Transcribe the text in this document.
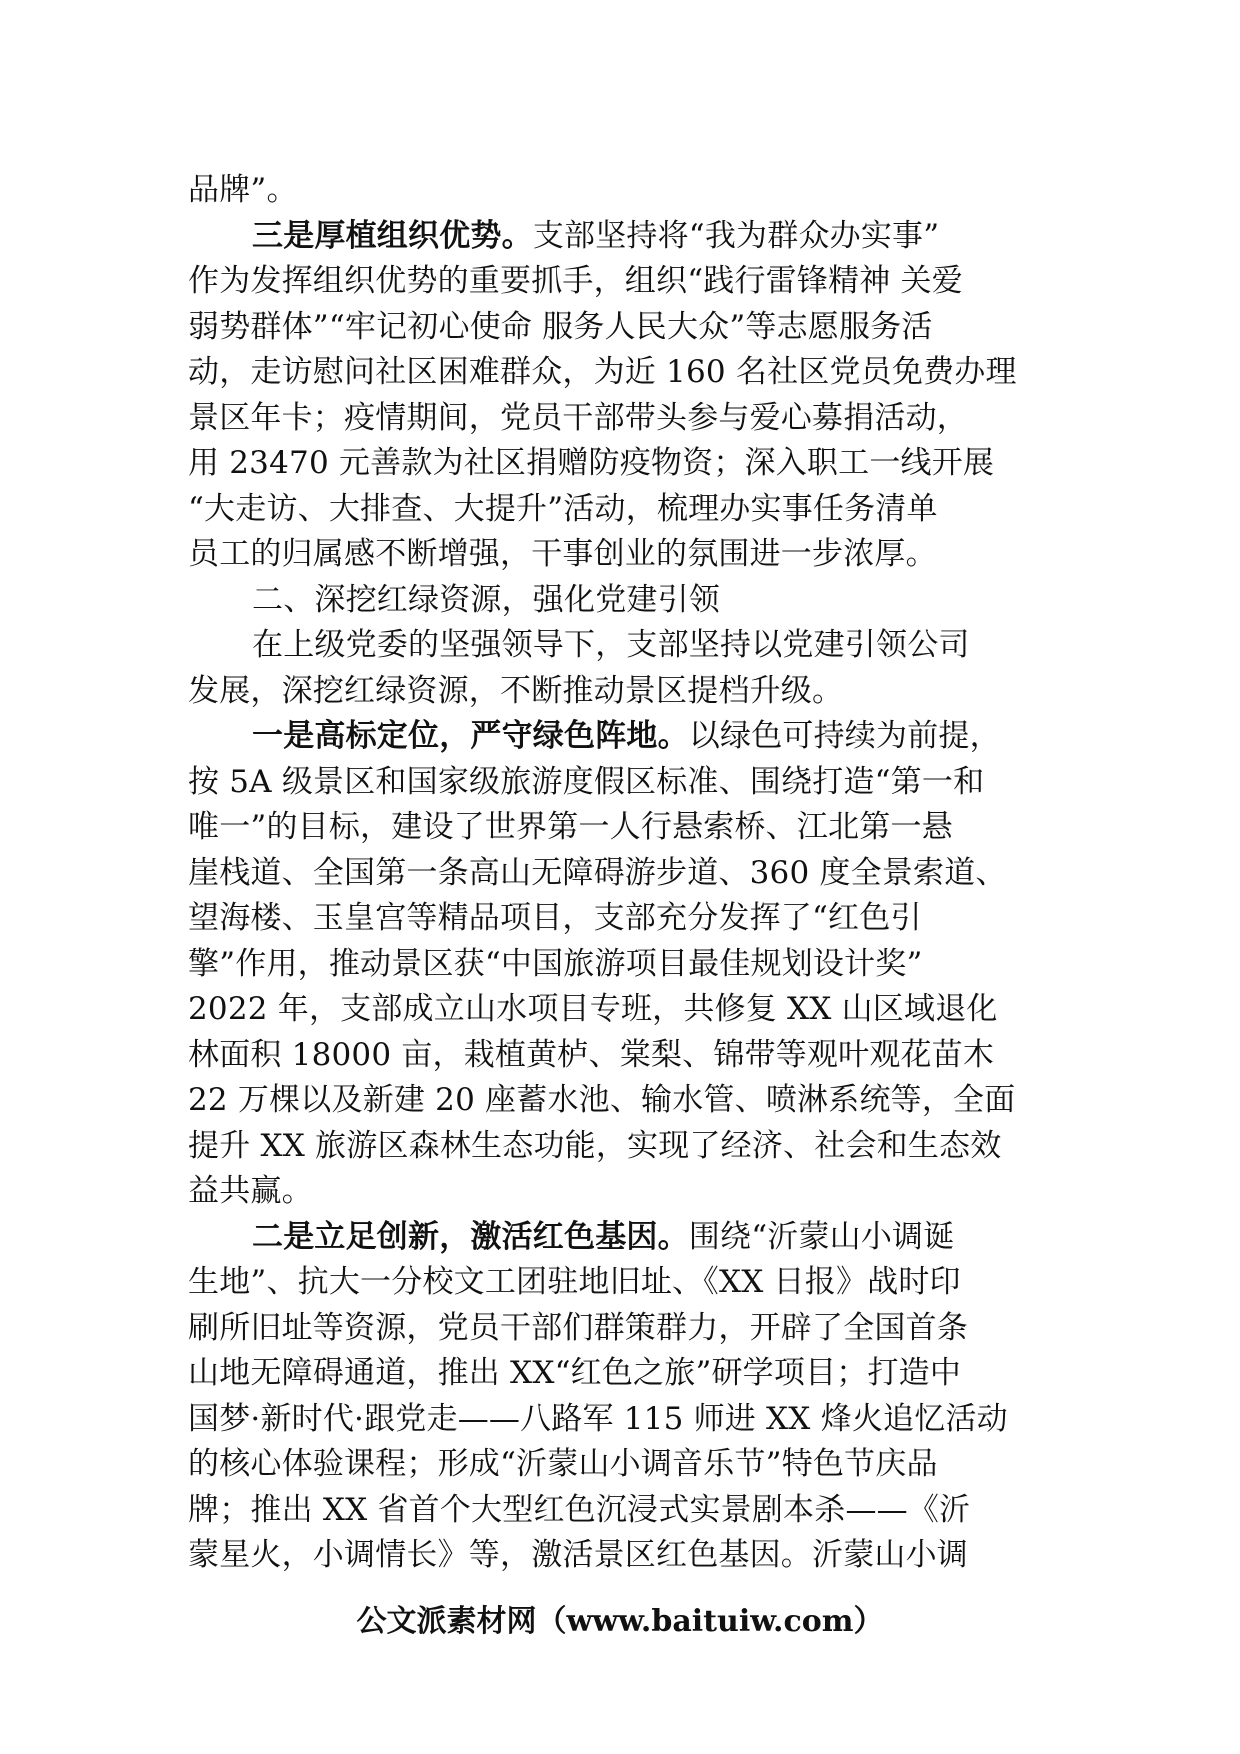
品牌”。
三是厚植组织优势。支部坚持将“我为群众办实事”
作为发挥组织优势的重要抓手，组织“践行雷锋精神 关爱
弱势群体”“牢记初心使命 服务人民大众”等志愿服务活
动，走访慰问社区困难群众，为近 160 名社区党员免费办理
景区年卡；疫情期间，党员干部带头参与爱心募捐活动，
用 23470 元善款为社区捐赠防疫物资；深入职工一线开展
“大走访、大排查、大提升”活动，梳理办实事任务清单
员工的归属感不断增强，干事创业的氛围进一步浓厚。
二、深挖红绿资源，强化党建引领
在上级党委的坚强领导下，支部坚持以党建引领公司
发展，深挖红绿资源，不断推动景区提档升级。
一是高标定位，严守绿色阵地。以绿色可持续为前提，
按 5A 级景区和国家级旅游度假区标准、围绕打造“第一和
唯一”的目标，建设了世界第一人行悬索桥、江北第一悬
崖栈道、全国第一条高山无障碍游步道、360 度全景索道、
望海楼、玉皇宫等精品项目，支部充分发挥了“红色引
擎”作用，推动景区获“中国旅游项目最佳规划设计奖”
2022 年，支部成立山水项目专班，共修复 XX 山区域退化
林面积 18000 亩，栽植黄栌、棠梨、锦带等观叶观花苗木
22 万棵以及新建 20 座蓄水池、输水管、喷淋系统等，全面
提升 XX 旅游区森林生态功能，实现了经济、社会和生态效
益共赢。
二是立足创新，激活红色基因。围绕“沂蒙山小调诞
生地”、抗大一分校文工团驻地旧址、《XX 日报》战时印
刷所旧址等资源，党员干部们群策群力，开辟了全国首条
山地无障碍通道，推出 XX“红色之旅”研学项目；打造中
国梦·新时代·跟党走——八路军 115 师进 XX 烽火追忆活动
的核心体验课程；形成“沂蒙山小调音乐节”特色节庆品
牌；推出 XX 省首个大型红色沉浸式实景剧本杀——《沂
蒙星火，小调情长》等，激活景区红色基因。沂蒙山小调
公文派素材网（www.baituiw.com）
